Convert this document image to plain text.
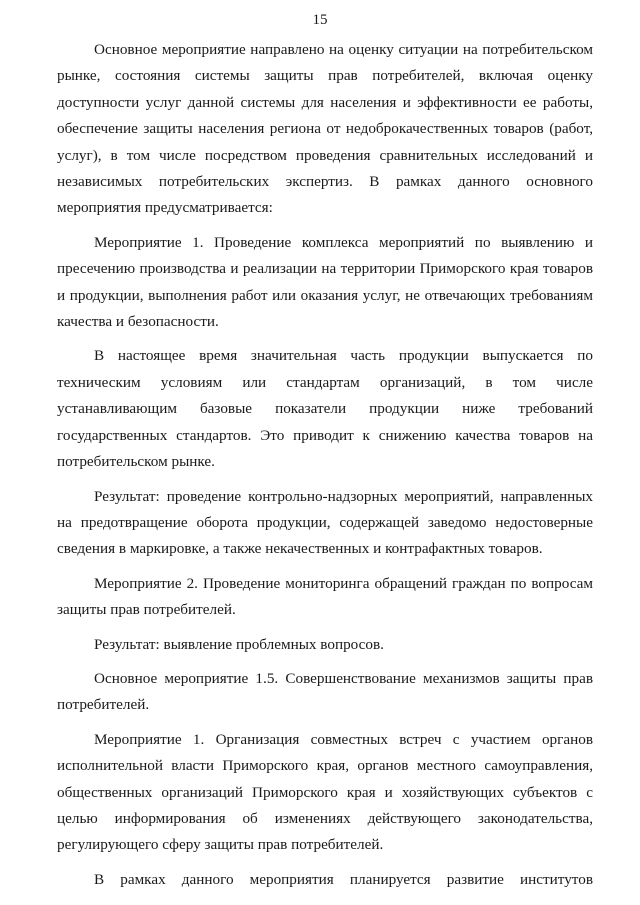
15

Основное мероприятие направлено на оценку ситуации на потребительском рынке, состояния системы защиты прав потребителей, включая оценку доступности услуг данной системы для населения и эффективности ее работы, обеспечение защиты населения региона от недоброкачественных товаров (работ, услуг), в том числе посредством проведения сравнительных исследований и независимых потребительских экспертиз. В рамках данного основного мероприятия предусматривается:

Мероприятие 1. Проведение комплекса мероприятий по выявлению и пресечению производства и реализации на территории Приморского края товаров и продукции, выполнения работ или оказания услуг, не отвечающих требованиям качества и безопасности.

В настоящее время значительная часть продукции выпускается по техническим условиям или стандартам организаций, в том числе устанавливающим базовые показатели продукции ниже требований государственных стандартов. Это приводит к снижению качества товаров на потребительском рынке.

Результат: проведение контрольно-надзорных мероприятий, направленных на предотвращение оборота продукции, содержащей заведомо недостоверные сведения в маркировке, а также некачественных и контрафактных товаров.

Мероприятие 2. Проведение мониторинга обращений граждан по вопросам защиты прав потребителей.

Результат: выявление проблемных вопросов.

Основное мероприятие 1.5. Совершенствование механизмов защиты прав потребителей.

Мероприятие 1. Организация совместных встреч с участием органов исполнительной власти Приморского края, органов местного самоуправления, общественных организаций Приморского края и хозяйствующих субъектов с целью информирования об изменениях действующего законодательства, регулирующего сферу защиты прав потребителей.

В рамках данного мероприятия планируется развитие институтов
